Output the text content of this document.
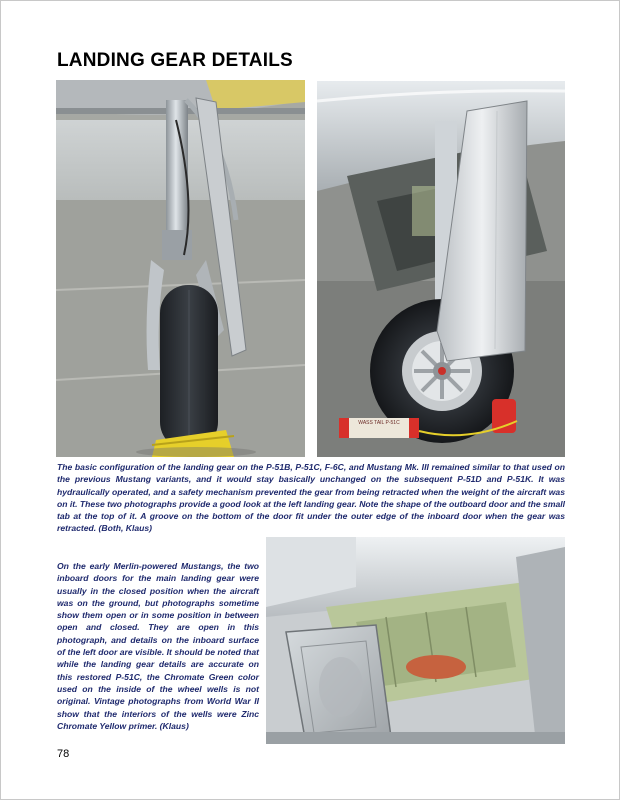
LANDING GEAR DETAILS
WASS TAIL P-51C

The basic configuration of the landing gear on the P-51B, P-51C, F-6C, and Mustang Mk. III remained similar to that used on the previous Mustang variants, and it would stay basically unchanged on the subsequent P-51D and P-51K. It was hydraulically operated, and a safety mechanism prevented the gear from being retracted when the weight of the aircraft was on it. These two photographs provide a good look at the left landing gear. Note the shape of the outboard door and the small tab at the top of it. A groove on the bottom of the door fit under the outer edge of the inboard door when the gear was retracted. (Both, Klaus)

On the early Merlin-powered Mustangs, the two inboard doors for the main landing gear were usually in the closed position when the aircraft was on the ground, but photographs sometime show them open or in some position in between open and closed. They are open in this photograph, and details on the inboard surface of the left door are visible. It should be noted that while the landing gear details are accurate on this restored P-51C, the Chromate Green color used on the inside of the wheel wells is not original. Vintage photographs from World War II show that the interiors of the wells were Zinc Chromate Yellow primer. (Klaus)

78
